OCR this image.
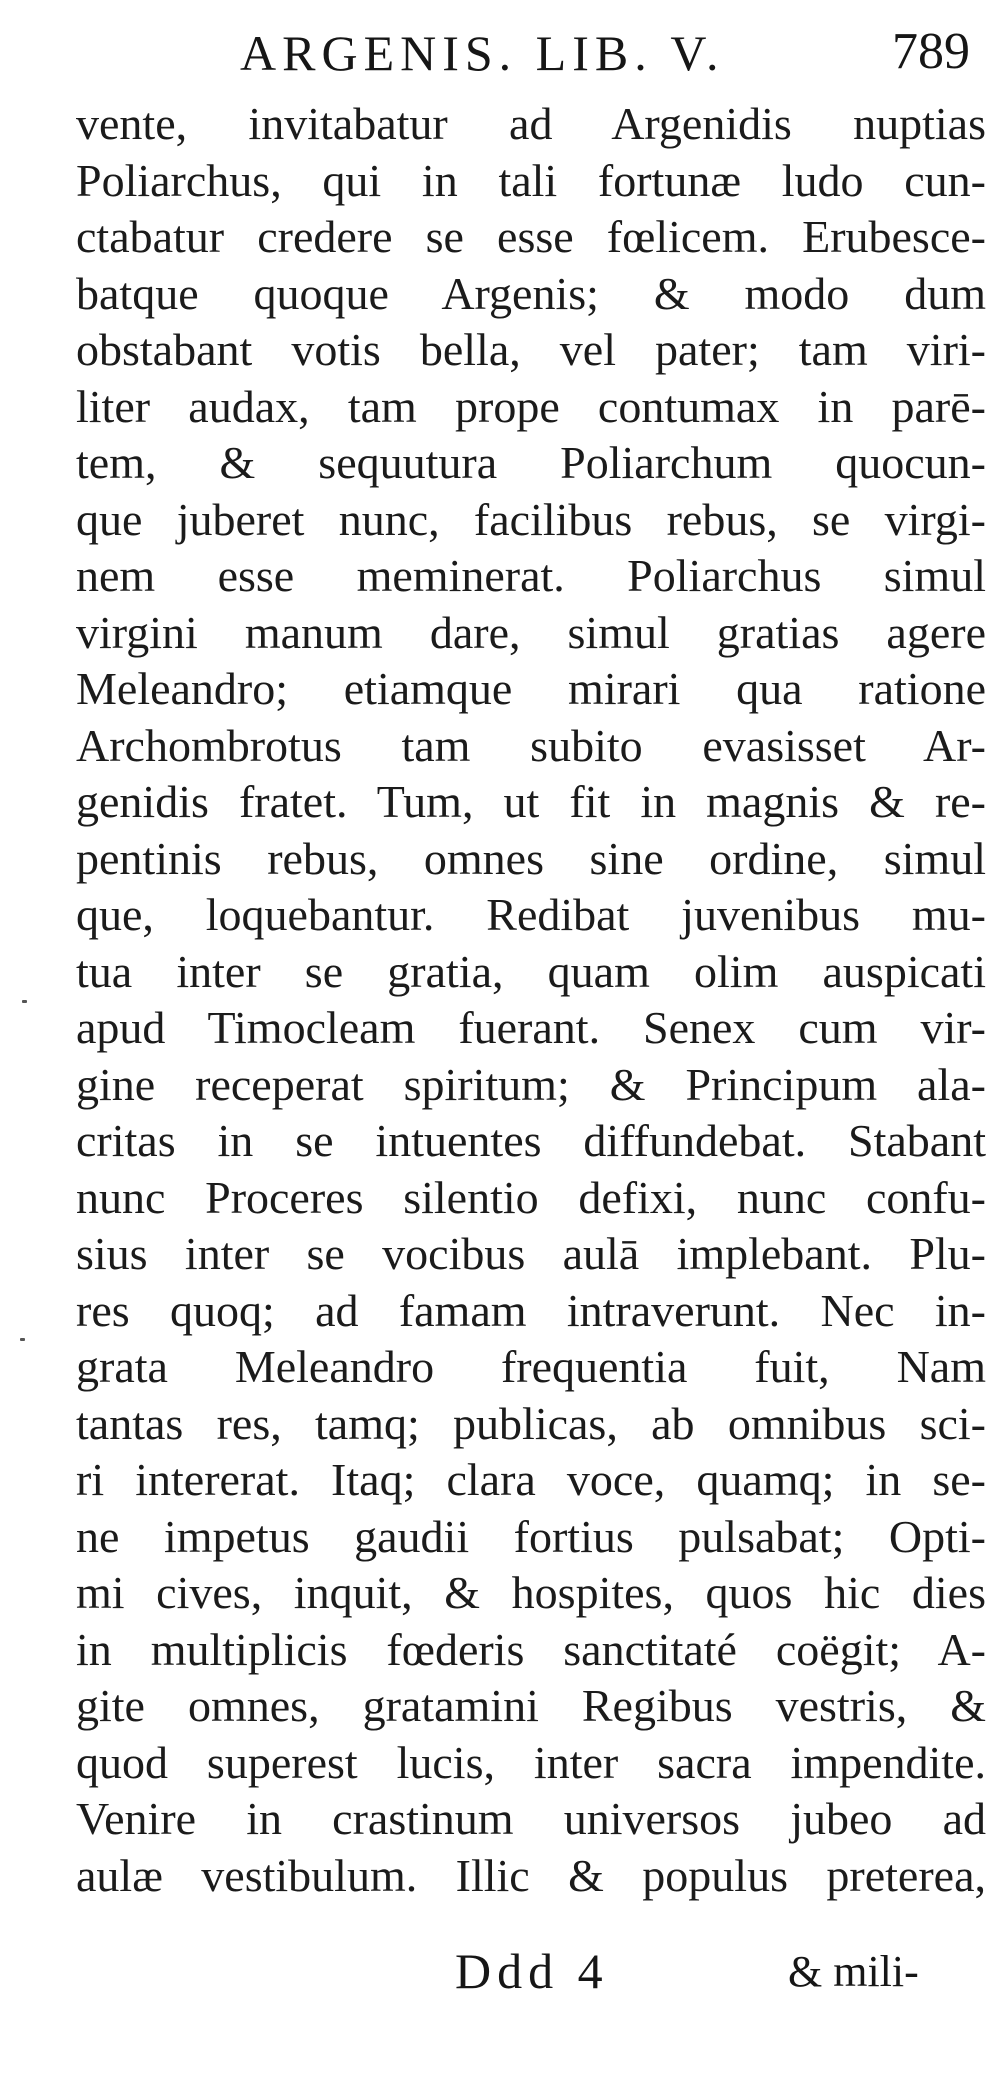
ARGENIS. LIB. V.	789
vente, invitabatur ad Argenidis nuptias
Poliarchus, qui in tali fortunæ ludo cun-
ctabatur credere se esse fœlicem. Erubesce-
batque quoque Argenis; & modo dum
obstabant votis bella, vel pater; tam viri-
liter audax, tam prope contumax in parē-
tem, & sequutura Poliarchum quocun-
que juberet nunc, facilibus rebus, se virgi-
nem esse meminerat. Poliarchus simul
virgini manum dare, simul gratias agere
Meleandro; etiamque mirari qua ratione
Archombrotus tam subito evasisset Ar-
genidis fratet. Tum, ut fit in magnis & re-
pentinis rebus, omnes sine ordine, simul
que, loquebantur. Redibat juvenibus mu-
tua inter se gratia, quam olim auspicati
apud Timocleam fuerant. Senex cum vir-
gine receperat spiritum; & Principum ala-
critas in se intuentes diffundebat. Stabant
nunc Proceres silentio defixi, nunc confu-
sius inter se vocibus aulā implebant. Plu-
res quoq; ad famam intraverunt. Nec in-
grata Meleandro frequentia fuit, Nam
tantas res, tamq; publicas, ab omnibus sci-
ri intererat. Itaq; clara voce, quamq; in se-
ne impetus gaudii fortius pulsabat; Opti-
mi cives, inquit, & hospites, quos hic dies
in multiplicis fœderis sanctitaté coëgit; A-
gite omnes, gratamini Regibus vestris, &
quod superest lucis, inter sacra impendite.
Venire in crastinum universos jubeo ad
aulæ vestibulum. Illic & populus preterea,
Ddd 4	& mili-
